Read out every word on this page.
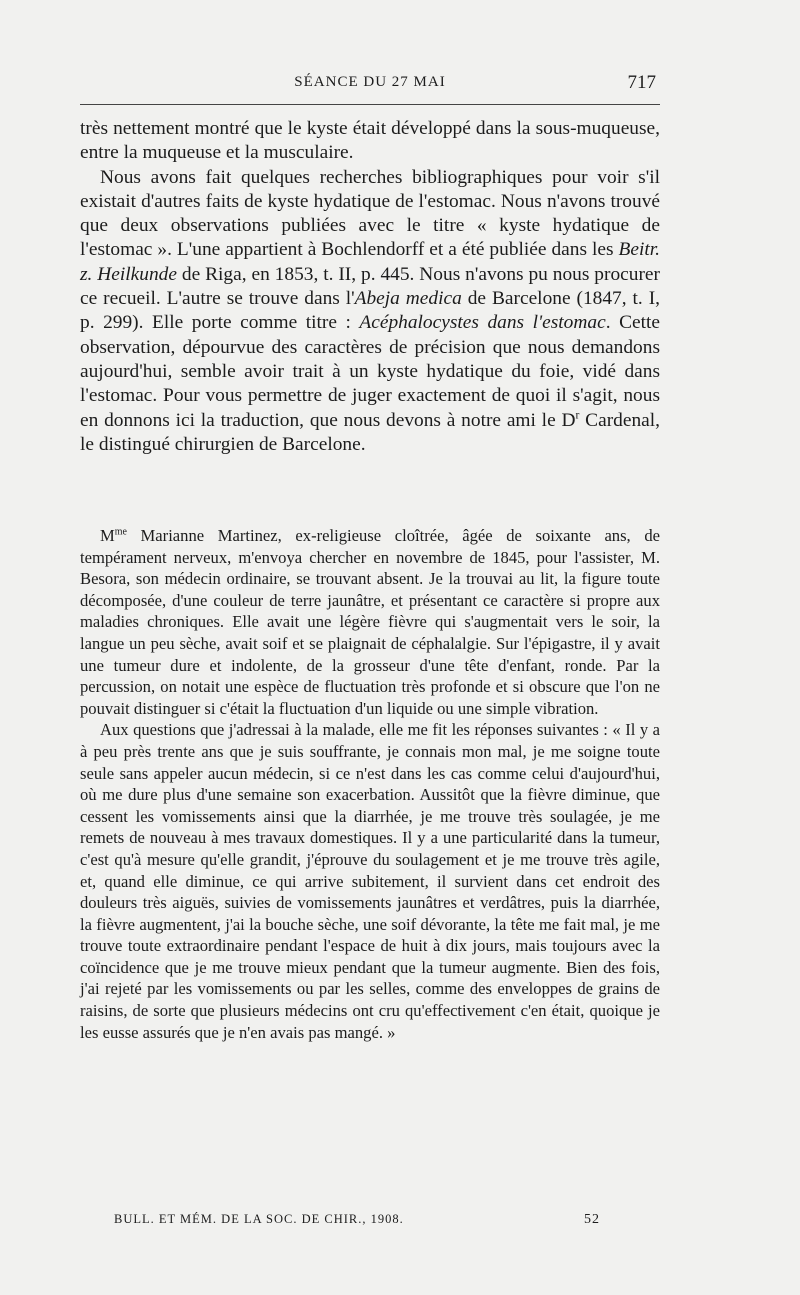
SÉANCE DU 27 MAI	717

très nettement montré que le kyste était développé dans la sous-muqueuse, entre la muqueuse et la musculaire.

Nous avons fait quelques recherches bibliographiques pour voir s'il existait d'autres faits de kyste hydatique de l'estomac. Nous n'avons trouvé que deux observations publiées avec le titre « kyste hydatique de l'estomac ». L'une appartient à Bochlendorff et a été publiée dans les Beitr. z. Heilkunde de Riga, en 1853, t. II, p. 445. Nous n'avons pu nous procurer ce recueil. L'autre se trouve dans l'Abeja medica de Barcelone (1847, t. I, p. 299). Elle porte comme titre : Acéphalocystes dans l'estomac. Cette observation, dépourvue des caractères de précision que nous demandons aujourd'hui, semble avoir trait à un kyste hydatique du foie, vidé dans l'estomac. Pour vous permettre de juger exactement de quoi il s'agit, nous en donnons ici la traduction, que nous devons à notre ami le $D^r$ Cardenal, le distingué chirurgien de Barcelone.

$M^{me}$ Marianne Martinez, ex-religieuse cloîtrée, âgée de soixante ans, de tempérament nerveux, m'envoya chercher en novembre de 1845, pour l'assister, M. Besora, son médecin ordinaire, se trouvant absent. Je la trouvai au lit, la figure toute décomposée, d'une couleur de terre jaunâtre, et présentant ce caractère si propre aux maladies chroniques. Elle avait une légère fièvre qui s'augmentait vers le soir, la langue un peu sèche, avait soif et se plaignait de céphalalgie. Sur l'épigastre, il y avait une tumeur dure et indolente, de la grosseur d'une tête d'enfant, ronde. Par la percussion, on notait une espèce de fluctuation très profonde et si obscure que l'on ne pouvait distinguer si c'était la fluctuation d'un liquide ou une simple vibration.

Aux questions que j'adressai à la malade, elle me fit les réponses suivantes : « Il y a à peu près trente ans que je suis souffrante, je connais mon mal, je me soigne toute seule sans appeler aucun médecin, si ce n'est dans les cas comme celui d'aujourd'hui, où me dure plus d'une semaine son exacerbation. Aussitôt que la fièvre diminue, que cessent les vomissements ainsi que la diarrhée, je me trouve très soulagée, je me remets de nouveau à mes travaux domestiques. Il y a une particularité dans la tumeur, c'est qu'à mesure qu'elle grandit, j'éprouve du soulagement et je me trouve très agile, et, quand elle diminue, ce qui arrive subitement, il survient dans cet endroit des douleurs très aiguës, suivies de vomissements jaunâtres et verdâtres, puis la diarrhée, la fièvre augmentent, j'ai la bouche sèche, une soif dévorante, la tête me fait mal, je me trouve toute extraordinaire pendant l'espace de huit à dix jours, mais toujours avec la coïncidence que je me trouve mieux pendant que la tumeur augmente. Bien des fois, j'ai rejeté par les vomissements ou par les selles, comme des enveloppes de grains de raisins, de sorte que plusieurs médecins ont cru qu'effectivement c'en était, quoique je les eusse assurés que je n'en avais pas mangé. »

BULL. ET MÉM. DE LA SOC. DE CHIR., 1908.	52
